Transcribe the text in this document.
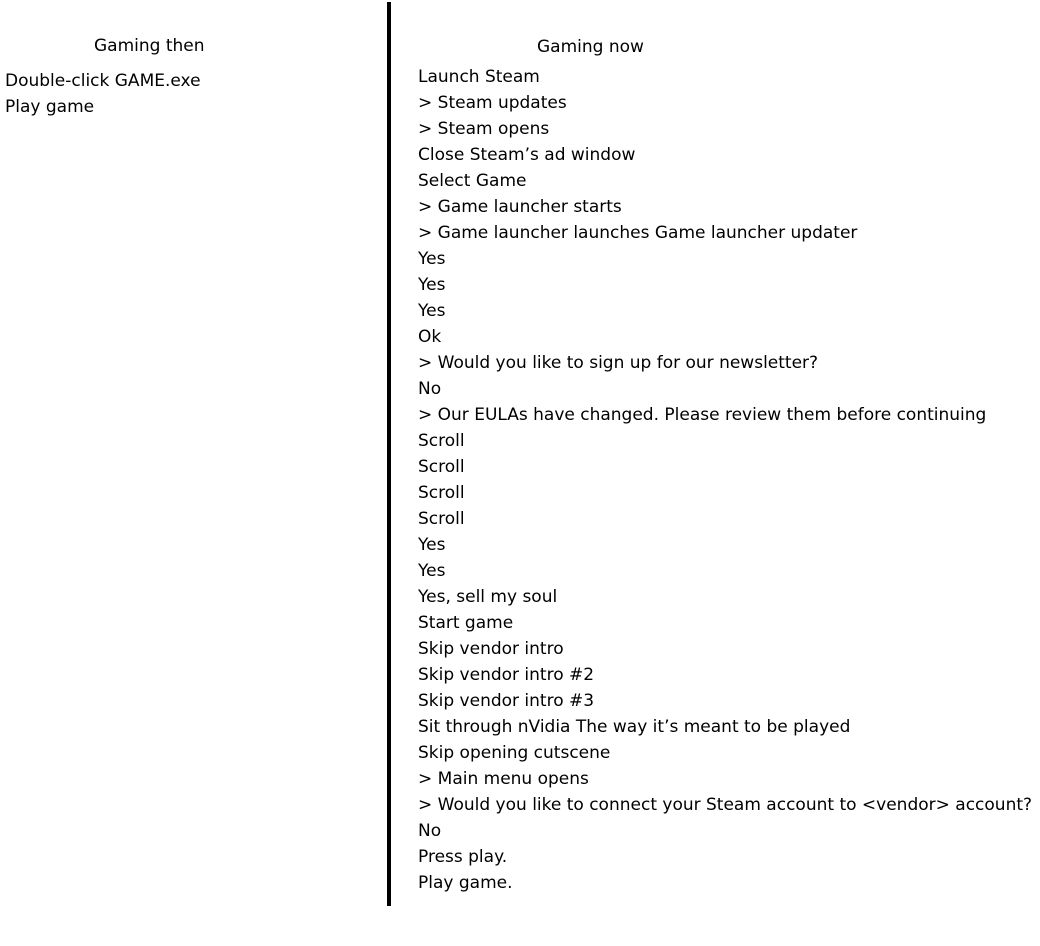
Gaming then
Double-click GAME.exe
Play game
Gaming now
Launch Steam
> Steam updates
> Steam opens
Close Steam’s ad window
Select Game
> Game launcher starts
> Game launcher launches Game launcher updater
Yes
Yes
Yes
Ok
> Would you like to sign up for our newsletter?
No
> Our EULAs have changed. Please review them before continuing
Scroll
Scroll
Scroll
Scroll
Yes
Yes
Yes, sell my soul
Start game
Skip vendor intro
Skip vendor intro #2
Skip vendor intro #3
Sit through nVidia The way it’s meant to be played
Skip opening cutscene
> Main menu opens
> Would you like to connect your Steam account to <vendor> account?
No
Press play.
Play game.
